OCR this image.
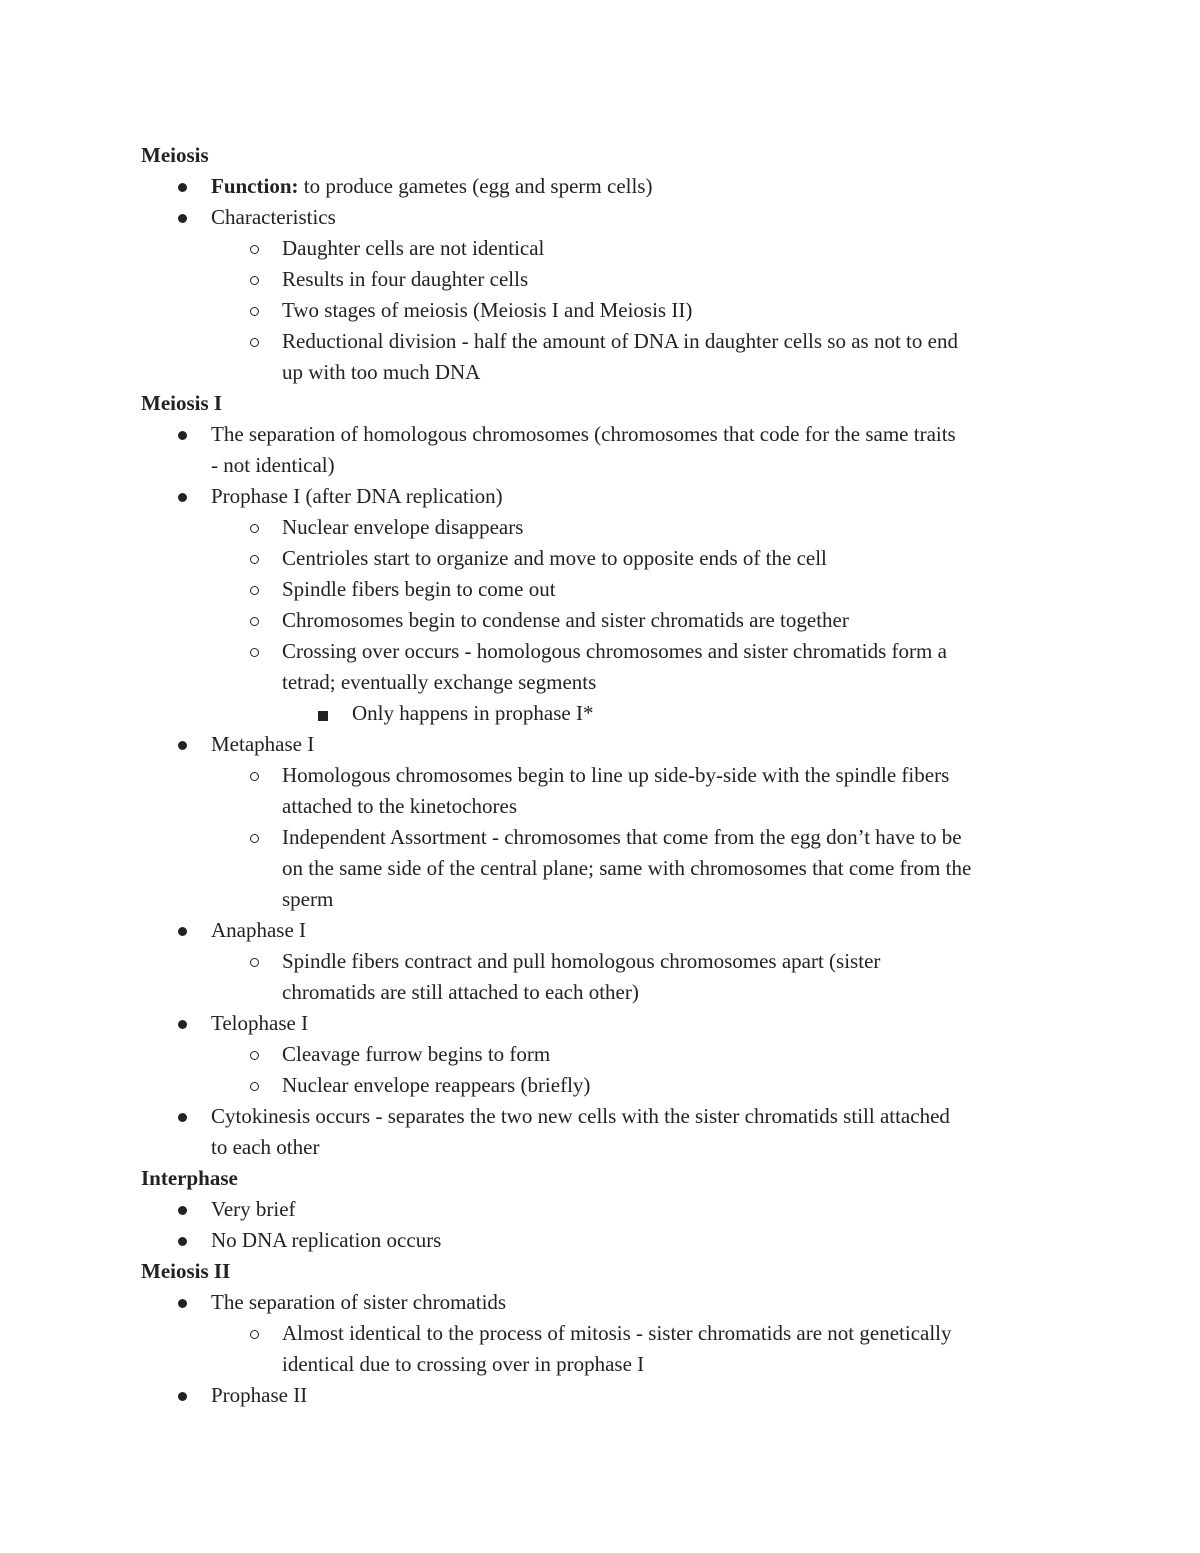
Meiosis
Function: to produce gametes (egg and sperm cells)
Characteristics
Daughter cells are not identical
Results in four daughter cells
Two stages of meiosis (Meiosis I and Meiosis II)
Reductional division - half the amount of DNA in daughter cells so as not to end
up with too much DNA
Meiosis I
The separation of homologous chromosomes (chromosomes that code for the same traits
- not identical)
Prophase I (after DNA replication)
Nuclear envelope disappears
Centrioles start to organize and move to opposite ends of the cell
Spindle fibers begin to come out
Chromosomes begin to condense and sister chromatids are together
Crossing over occurs - homologous chromosomes and sister chromatids form a
tetrad; eventually exchange segments
Only happens in prophase I*
Metaphase I
Homologous chromosomes begin to line up side-by-side with the spindle fibers
attached to the kinetochores
Independent Assortment - chromosomes that come from the egg don’t have to be
on the same side of the central plane; same with chromosomes that come from the
sperm
Anaphase I
Spindle fibers contract and pull homologous chromosomes apart (sister
chromatids are still attached to each other)
Telophase I
Cleavage furrow begins to form
Nuclear envelope reappears (briefly)
Cytokinesis occurs - separates the two new cells with the sister chromatids still attached
to each other
Interphase
Very brief
No DNA replication occurs
Meiosis II
The separation of sister chromatids
Almost identical to the process of mitosis - sister chromatids are not genetically
identical due to crossing over in prophase I
Prophase II
